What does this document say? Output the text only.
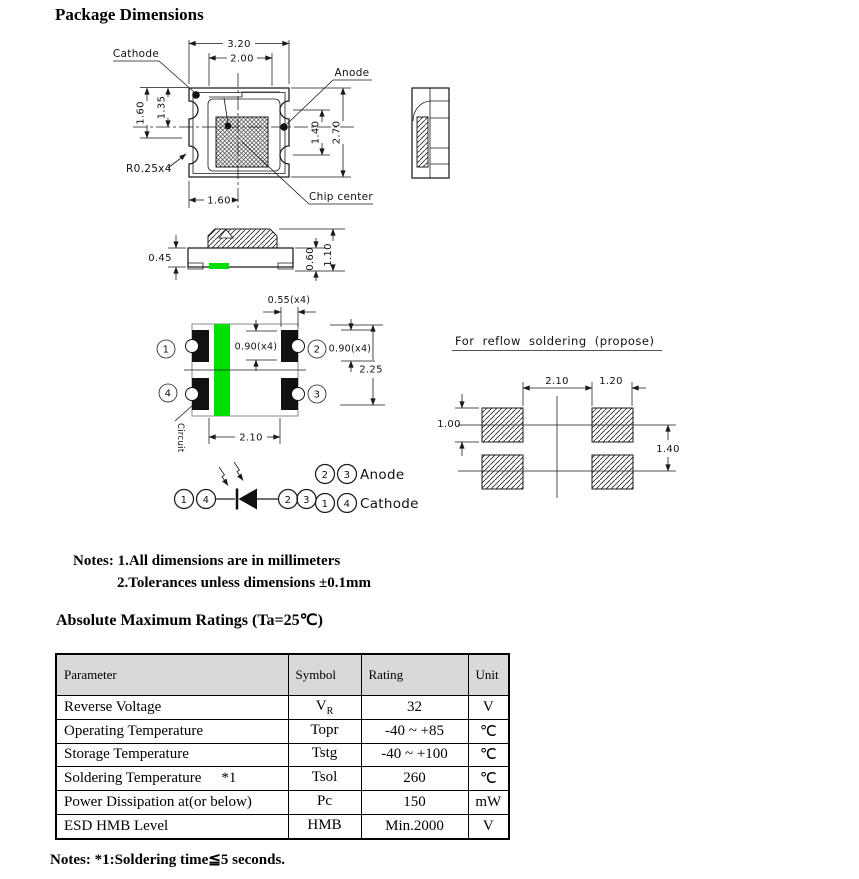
Package Dimensions
3.20
2.00
1.60 1.35
1.40 2.70
1.60
Cathode
Anode
R0.25x4
Chip center
0.45	0.60 1.10
1	2
3
4
0.55(x4)
0.90(x4)	0.90(x4)
2.25
2.10
Circuit
For reflow soldering (propose)
2.10	1.20
1.00
1.40
1 4	2 3
2 3 Anode
1 4 Cathode
Notes: 1.All dimensions are in millimeters
2.Tolerances unless dimensions ±0.1mm
Absolute Maximum Ratings (Ta=25℃)
Parameter	Symbol	Rating	Unit
Reverse Voltage	$V_R$	32	V
Operating Temperature	Topr	-40 ~ +85	℃
Storage Temperature	Tstg	-40 ~ +100	℃
Soldering Temperature *1	Tsol	260	℃
Power Dissipation at(or below)	Pc	150	mW
ESD HMB Level	HMB	Min.2000	V
Notes: *1:Soldering time≦5 seconds.
